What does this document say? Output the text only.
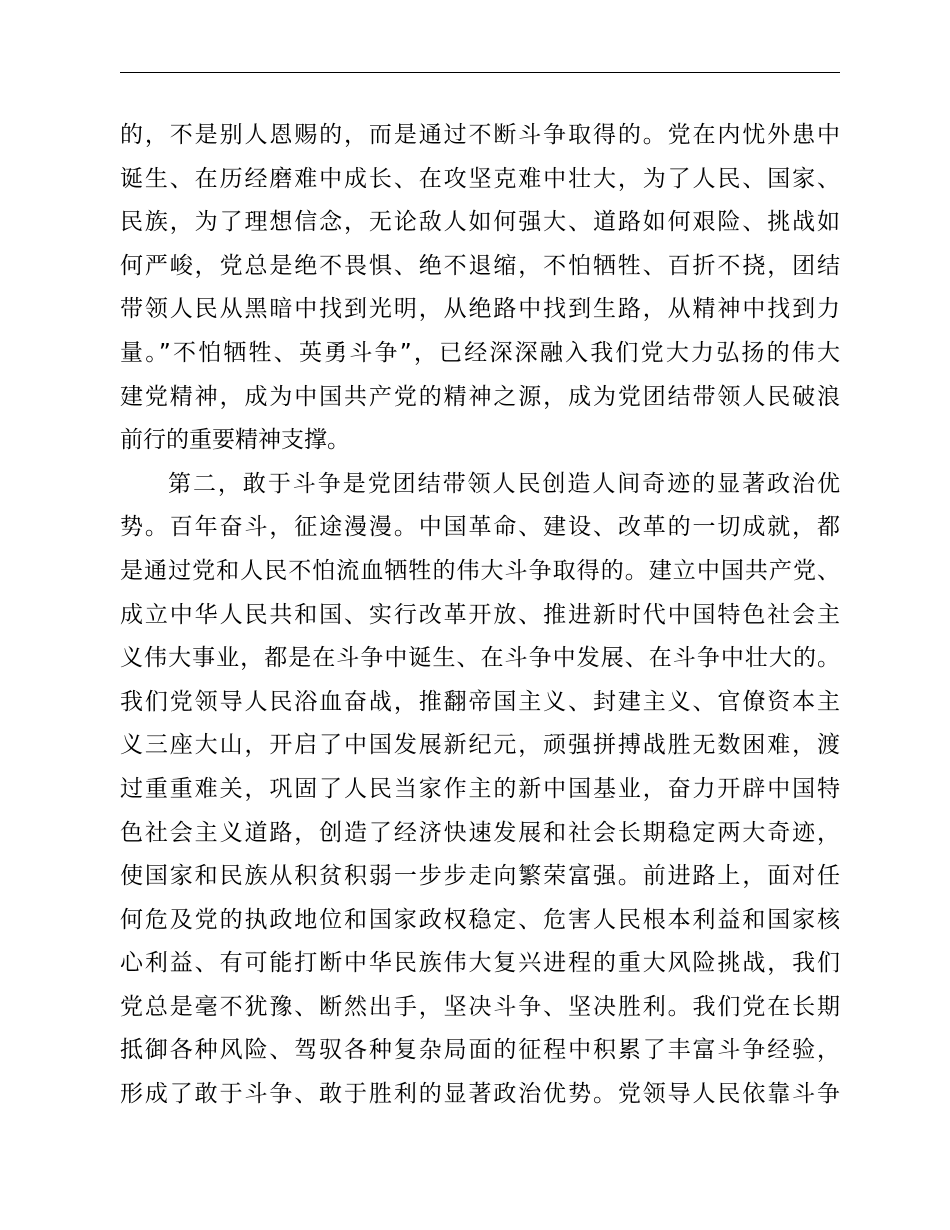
的，不是别人恩赐的，而是通过不断斗争取得的。党在内忧外患中
诞生、在历经磨难中成长、在攻坚克难中壮大，为了人民、国家、
民族，为了理想信念，无论敌人如何强大、道路如何艰险、挑战如
何严峻，党总是绝不畏惧、绝不退缩，不怕牺牲、百折不挠，团结
带领人民从黑暗中找到光明，从绝路中找到生路，从精神中找到力
量。”不怕牺牲、英勇斗争”，已经深深融入我们党大力弘扬的伟大
建党精神，成为中国共产党的精神之源，成为党团结带领人民破浪
前行的重要精神支撑。
第二，敢于斗争是党团结带领人民创造人间奇迹的显著政治优
势。百年奋斗，征途漫漫。中国革命、建设、改革的一切成就，都
是通过党和人民不怕流血牺牲的伟大斗争取得的。建立中国共产党、
成立中华人民共和国、实行改革开放、推进新时代中国特色社会主
义伟大事业，都是在斗争中诞生、在斗争中发展、在斗争中壮大的。
我们党领导人民浴血奋战，推翻帝国主义、封建主义、官僚资本主
义三座大山，开启了中国发展新纪元，顽强拼搏战胜无数困难，渡
过重重难关，巩固了人民当家作主的新中国基业，奋力开辟中国特
色社会主义道路，创造了经济快速发展和社会长期稳定两大奇迹，
使国家和民族从积贫积弱一步步走向繁荣富强。前进路上，面对任
何危及党的执政地位和国家政权稳定、危害人民根本利益和国家核
心利益、有可能打断中华民族伟大复兴进程的重大风险挑战，我们
党总是毫不犹豫、断然出手，坚决斗争、坚决胜利。我们党在长期
抵御各种风险、驾驭各种复杂局面的征程中积累了丰富斗争经验，
形成了敢于斗争、敢于胜利的显著政治优势。党领导人民依靠斗争
